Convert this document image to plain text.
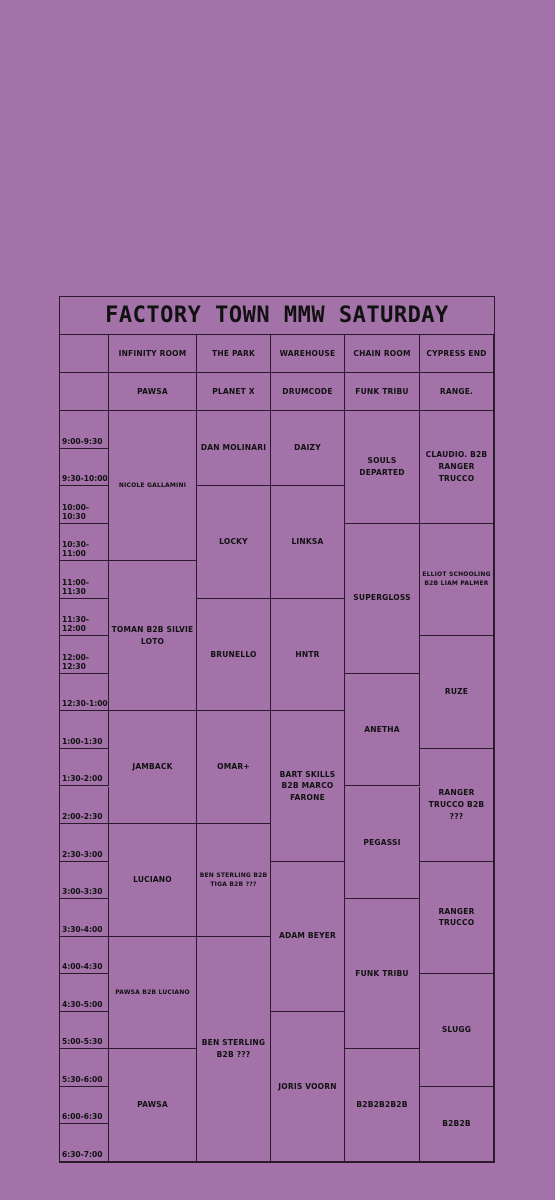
FACTORY TOWN MMW SATURDAY
INFINITY ROOM
PAWSA
THE PARK
PLANET X
WAREHOUSE
DRUMCODE
CHAIN ROOM
FUNK TRIBU
CYPRESS END
RANGE.
9:00-9:30
9:30-10:00
10:00-10:30
10:30-11:00
11:00-11:30
11:30-12:00
12:00-12:30
12:30-1:00
1:00-1:30
1:30-2:00
2:00-2:30
2:30-3:00
3:00-3:30
3:30-4:00
4:00-4:30
4:30-5:00
5:00-5:30
5:30-6:00
6:00-6:30
6:30-7:00
NICOLE GALLAMINI
TOMAN B2B SILVIE LOTO
JAMBACK
LUCIANO
PAWSA B2B LUCIANO
PAWSA
DAN MOLINARI
LOCKY
BRUNELLO
OMAR+
BEN STERLING B2B TIGA B2B ???
BEN STERLING B2B ???
DAIZY
LINKSA
HNTR
BART SKILLS B2B MARCO FARONE
ADAM BEYER
JORIS VOORN
SOULS DEPARTED
SUPERGLOSS
ANETHA
PEGASSI
FUNK TRIBU
B2B2B2B2B
CLAUDIO. B2B RANGER TRUCCO
ELLIOT SCHOOLING B2B LIAM PALMER
RUZE
RANGER TRUCCO B2B ???
RANGER TRUCCO
SLUGG
B2B2B
